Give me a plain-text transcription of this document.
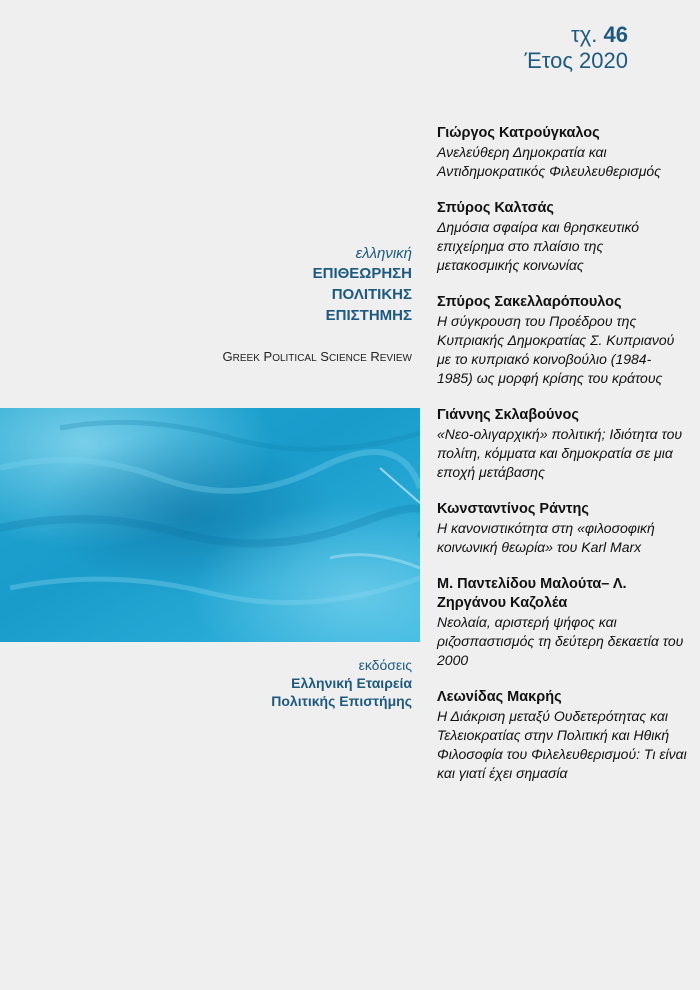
τχ. 46
Έτος 2020
ελληνική
ΕΠΙΘΕΩΡΗΣΗ
ΠΟΛΙΤΙΚΗΣ
ΕΠΙΣΤΗΜΗΣ
GREEK POLITICAL SCIENCE REVIEW
εκδόσεις
Ελληνική Εταιρεία
Πολιτικής Επιστήμης

Γιώργος Κατρούγκαλος

Ανελεύθερη Δημοκρατία και Αντιδημοκρατικός Φιλευλευθερισμός

Σπύρος Καλτσάς

Δημόσια σφαίρα και θρησκευτικό επιχείρημα στο πλαίσιο της μετακοσμικής κοινωνίας

Σπύρος Σακελλαρόπουλος

Η σύγκρουση του Προέδρου της Κυπριακής Δημοκρατίας Σ. Κυπριανού με το κυπριακό κοινοβούλιο (1984-1985) ως μορφή κρίσης του κράτους

Γιάννης Σκλαβούνος

«Νεο-ολιγαρχική» πολιτική; Ιδιότητα του πολίτη, κόμματα και δημοκρατία σε μια εποχή μετάβασης

Κωνσταντίνος Ράντης

Η κανονιστικότητα στη «φιλοσοφική κοινωνική θεωρία» του Karl Marx

Μ. Παντελίδου Μαλούτα– Λ. Ζηργάνου Καζολέα

Νεολαία, αριστερή ψήφος και ριζοσπαστισμός τη δεύτερη δεκαετία του 2000

Λεωνίδας Μακρής

Η Διάκριση μεταξύ Ουδετερότητας και Τελειοκρατίας στην Πολιτική και Ηθική Φιλοσοφία του Φιλελευθερισμού: Τι είναι και γιατί έχει σημασία
